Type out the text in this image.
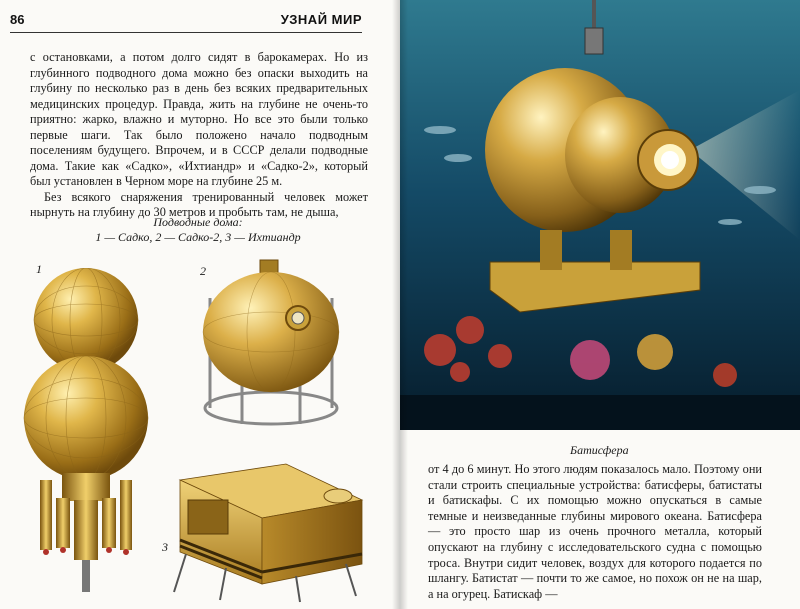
86	УЗНАЙ МИР

с остановками, а потом долго сидят в барокамерах. Но из глубинного подводного дома можно без опаски выходить на глубину по несколько раз в день без всяких предварительных медицинских процедур. Правда, жить на глубине не очень-то приятно: жарко, влажно и муторно. Но все это были только первые шаги. Так было положено начало подводным поселениям будущего. Впрочем, и в СССР делали подводные дома. Такие как «Садко», «Ихтиандр» и «Садко-2», который был установлен в Черном море на глубине 25 м.

Без всякого снаряжения тренированный человек может нырнуть на глубину до 30 метров и пробыть там, не дыша,

Подводные дома:
1 — Садко, 2 — Садко-2, 3 — Ихтиандр
1	2
3
Батисфера

от 4 до 6 минут. Но этого людям показалось мало. Поэтому они стали строить специальные устройства: батисферы, батистаты и батискафы. С их помощью можно опускаться в самые темные и неизведанные глубины мирового океана. Батисфера — это просто шар из очень прочного металла, который опускают на глубину с исследовательского судна с помощью троса. Внутри сидит человек, воздух для которого подается по шлангу. Батистат — почти то же самое, но похож он не на шар, а на огурец. Батискаф —
